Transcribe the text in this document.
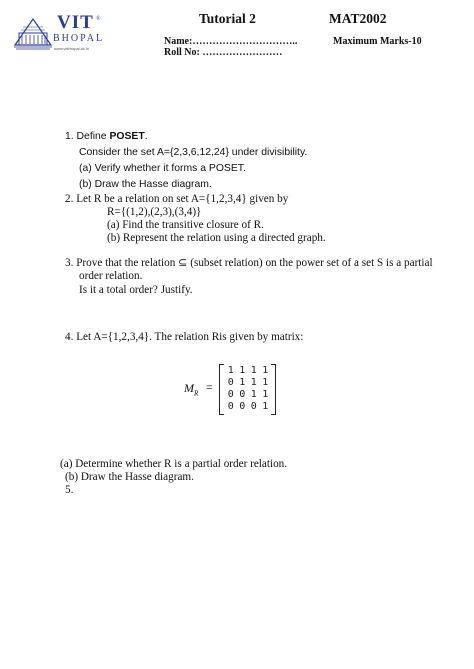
VIT ®
BHOPAL
www.vitbhopal.ac.in
Tutorial 2	MAT2002
Name:…………………………..	Maximum Marks-10
Roll No: ……………………
1. Define POSET.
Consider the set A={2,3,6,12,24} under divisibility.
(a) Verify whether it forms a POSET.
(b) Draw the Hasse diagram.
2. Let R be a relation on set A={1,2,3,4} given by
R={(1,2),(2,3),(3,4)}
(a) Find the transitive closure of R.
(b) Represent the relation using a directed graph.
3. Prove that the relation ⊆ (subset relation) on the power set of a set S is a partial
order relation.
Is it a total order? Justify.
4. Let A={1,2,3,4}. The relation Ris given by matrix:
$M_R$ =
1 1 1 1
0 1 1 1
0 0 1 1
0 0 0 1
(a) Determine whether R is a partial order relation.
(b) Draw the Hasse diagram.
5.
